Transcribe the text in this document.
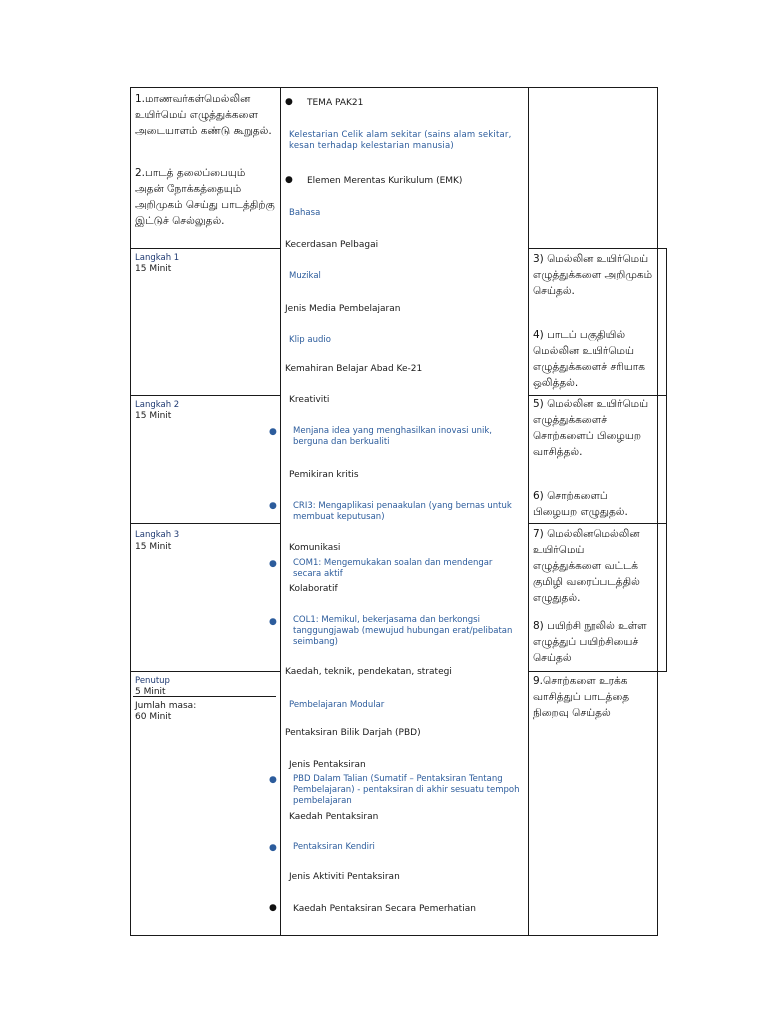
1.மாணவர்கள்மெல்லின உயிர்மெய் எழுத்துக்களை அடையாளம் கண்டு கூறுதல்.
2.பாடத் தலைப்பையும் அதன் நோக்கத்தையும் அறிமுகம் செய்து பாடத்திற்கு இட்டுச் செல்லுதல்.
Langkah 1
15 Minit
Langkah 2
15 Minit
Langkah 3
15 Minit
Penutup
5 Minit
Jumlah masa:
60 Minit
● TEMA PAK21
Kelestarian Celik alam sekitar (sains alam sekitar, kesan terhadap kelestarian manusia)
● Elemen Merentas Kurikulum (EMK)
Bahasa
Kecerdasan Pelbagai
Muzikal
Jenis Media Pembelajaran
Klip audio
Kemahiran Belajar Abad Ke-21
Kreativiti
● Menjana idea yang menghasilkan inovasi unik, berguna dan berkualiti
Pemikiran kritis
● CRI3: Mengaplikasi penaakulan (yang bernas untuk membuat keputusan)
Komunikasi
● COM1: Mengemukakan soalan dan mendengar secara aktif
Kolaboratif
● COL1: Memikul, bekerjasama dan berkongsi tanggungjawab (mewujud hubungan erat/pelibatan seimbang)
Kaedah, teknik, pendekatan, strategi
Pembelajaran Modular
Pentaksiran Bilik Darjah (PBD)
Jenis Pentaksiran
● PBD Dalam Talian (Sumatif – Pentaksiran Tentang Pembelajaran) - pentaksiran di akhir sesuatu tempoh pembelajaran
Kaedah Pentaksiran
● Pentaksiran Kendiri
Jenis Aktiviti Pentaksiran
● Kaedah Pentaksiran Secara Pemerhatian
3) மெல்லின உயிர்மெய் எழுத்துக்களை அறிமுகம் செய்தல்.
4) பாடப் பகுதியில் மெல்லின உயிர்மெய் எழுத்துக்களைச் சரியாக ஒலித்தல்.
5) மெல்லின உயிர்மெய் எழுத்துக்களைச் சொற்களைப் பிழையற வாசித்தல்.
6) சொற்களைப் பிழையற எழுதுதல்.
7) மெல்லினமெல்லின உயிர்மெய் எழுத்துக்களை வட்டக் குமிழி வரைப்படத்தில் எழுதுதல்.
8) பயிற்சி நூலில் உள்ள எழுத்துப் பயிற்சியைச் செய்தல்
9.சொற்களை உரக்க வாசித்துப் பாடத்தை நிறைவு செய்தல்
